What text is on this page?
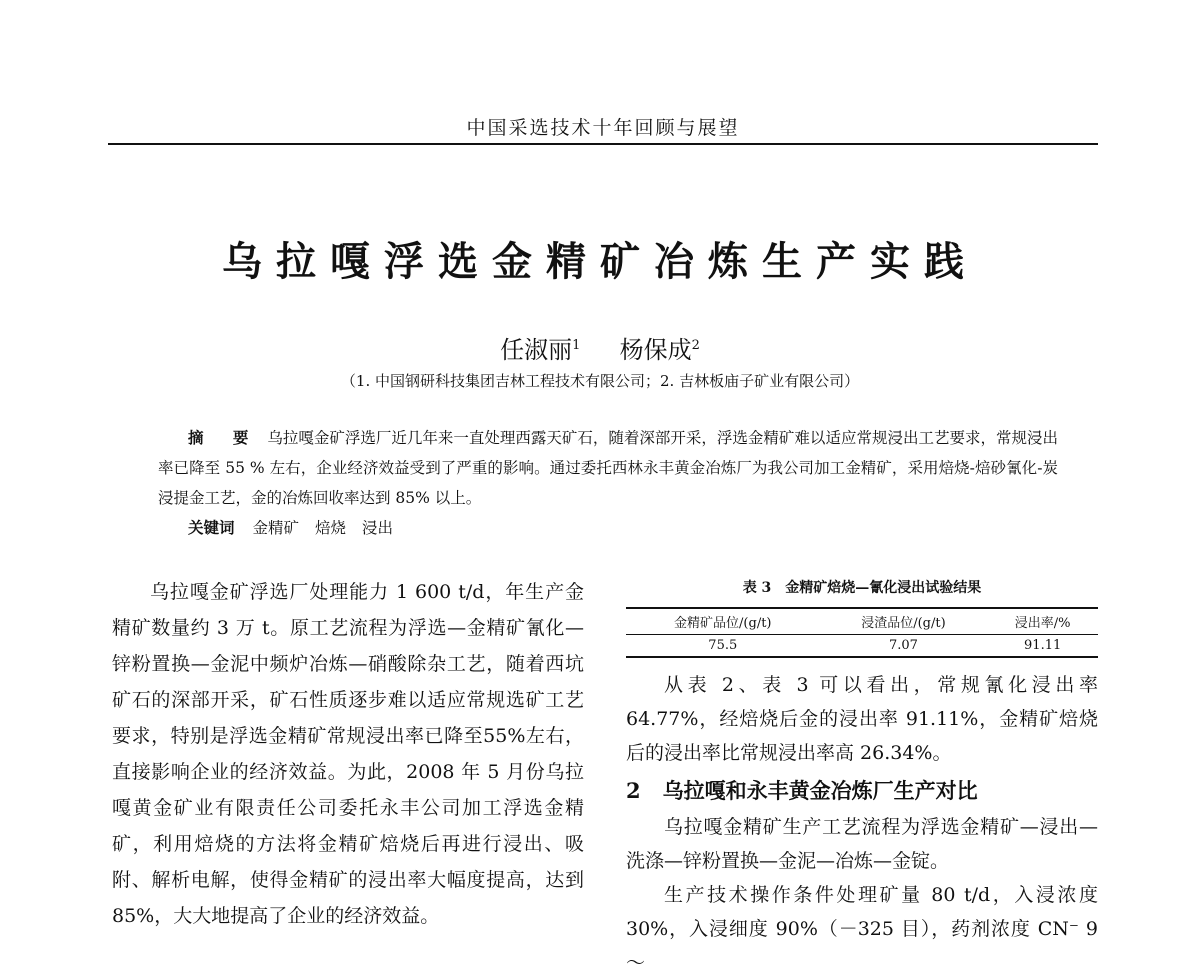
中国采选技术十年回顾与展望
乌拉嘎浮选金精矿冶炼生产实践
任淑丽$^1$ 杨保成$^2$
（1. 中国钢研科技集团吉林工程技术有限公司；2. 吉林板庙子矿业有限公司）

摘 要 乌拉嘎金矿浮选厂近几年来一直处理西露天矿石，随着深部开采，浮选金精矿难以适应常规浸出工艺要求，常规浸出率已降至 55 % 左右，企业经济效益受到了严重的影响。通过委托西林永丰黄金冶炼厂为我公司加工金精矿，采用焙烧-焙砂氰化-炭浸提金工艺，金的冶炼回收率达到 85% 以上。

关键词 金精矿 焙烧 浸出

乌拉嘎金矿浮选厂处理能力 1 600 t/d，年生产金精矿数量约 3 万 t。原工艺流程为浮选—金精矿氰化—锌粉置换—金泥中频炉冶炼—硝酸除杂工艺，随着西坑矿石的深部开采，矿石性质逐步难以适应常规选矿工艺要求，特别是浮选金精矿常规浸出率已降至55%左右，直接影响企业的经济效益。为此，2008 年 5 月份乌拉嘎黄金矿业有限责任公司委托永丰公司加工浮选金精矿，利用焙烧的方法将金精矿焙烧后再进行浸出、吸附、解析电解，使得金精矿的浸出率大幅度提高，达到 85%，大大地提高了企业的经济效益。

表 3　金精矿焙烧—氰化浸出试验结果
金精矿品位/(g/t)	浸渣品位/(g/t)	浸出率/%
75.5	7.07	91.11

从表 2、表 3 可以看出，常规氰化浸出率 64.77%，经焙烧后金的浸出率 91.11%，金精矿焙烧后的浸出率比常规浸出率高 26.34%。

2 乌拉嘎和永丰黄金冶炼厂生产对比

乌拉嘎金精矿生产工艺流程为浮选金精矿—浸出—洗涤—锌粉置换—金泥—冶炼—金锭。

生产技术操作条件处理矿量 80 t/d，入浸浓度 30%，入浸细度 90%（－325 目），药剂浓度 CN⁻ 9～
